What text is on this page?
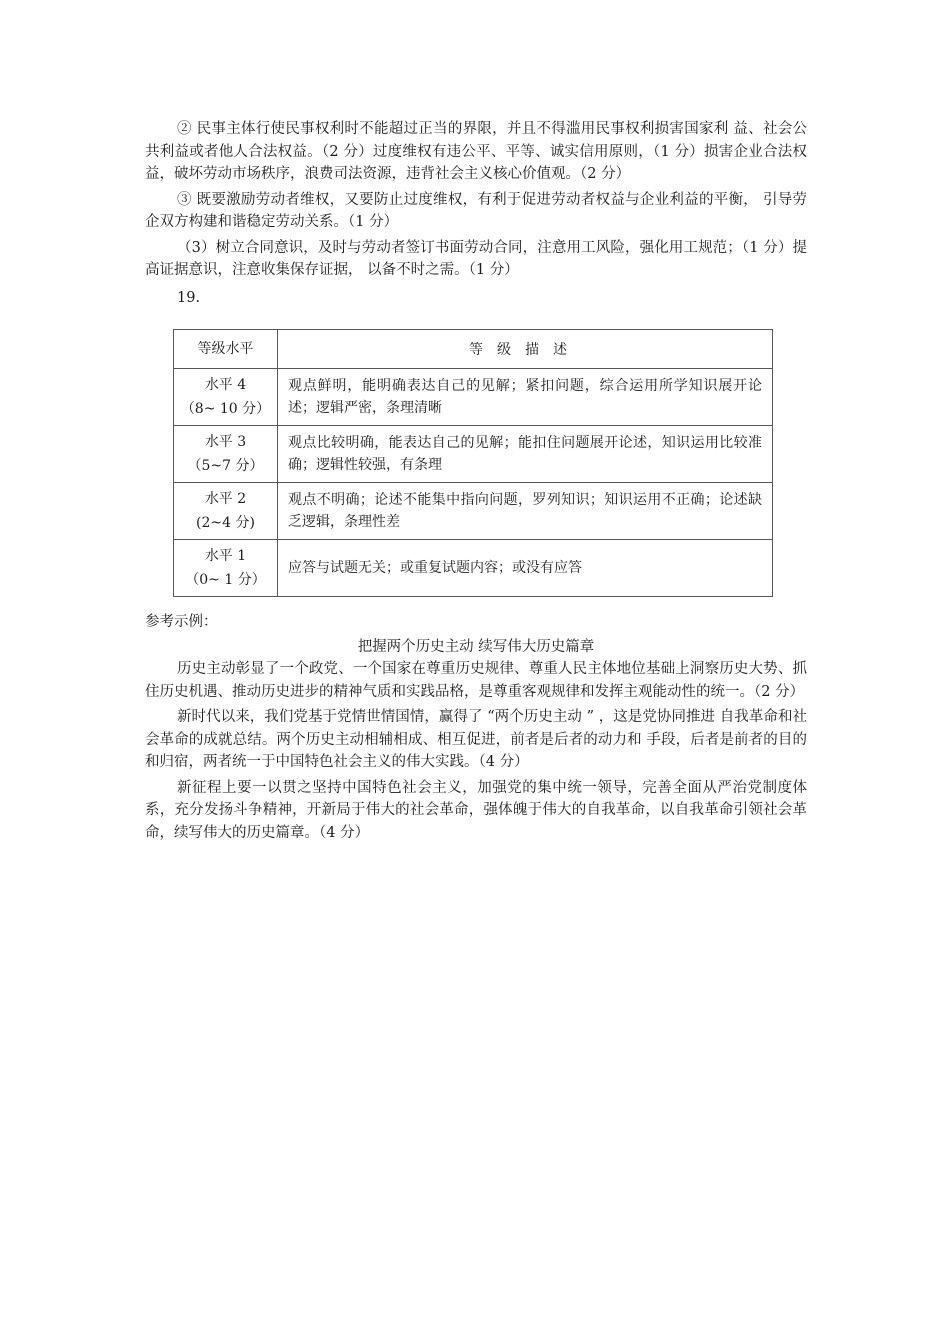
② 民事主体行使民事权利时不能超过正当的界限，并且不得滥用民事权利损害国家利 益、社会公共利益或者他人合法权益。（2 分）过度维权有违公平、平等、诚实信用原则，（1 分）损害企业合法权益，破坏劳动市场秩序，浪费司法资源，违背社会主义核心价值观。（2 分）

③ 既要激励劳动者维权，又要防止过度维权，有利于促进劳动者权益与企业利益的平衡， 引导劳企双方构建和谐稳定劳动关系。（1 分）

（3）树立合同意识，及时与劳动者签订书面劳动合同，注意用工风险，强化用工规范；（1 分）提高证据意识，注意收集保存证据， 以备不时之需。（1 分）

19.

等级水平	等级描述

水平 4
（8~ 10 分）	观点鲜明，能明确表达自己的见解；紧扣问题，综合运用所学知识展开论述；逻辑严密，条理清晰

水平 3
（5~7 分）	观点比较明确，能表达自己的见解；能扣住问题展开论述，知识运用比较准确；逻辑性较强，有条理

水平 2
(2~4 分)	观点不明确；论述不能集中指向问题，罗列知识；知识运用不正确；论述缺乏逻辑，条理性差

水平 1
（0~ 1 分）	应答与试题无关；或重复试题内容；或没有应答

参考示例：

把握两个历史主动 续写伟大历史篇章

历史主动彰显了一个政党、一个国家在尊重历史规律、尊重人民主体地位基础上洞察历史大势、抓住历史机遇、推动历史进步的精神气质和实践品格，是尊重客观规律和发挥主观能动性的统一。（2 分）

新时代以来，我们党基于党情世情国情，赢得了 “两个历史主动 ” ，这是党协同推进 自我革命和社会革命的成就总结。两个历史主动相辅相成、相互促进，前者是后者的动力和 手段，后者是前者的目的和归宿，两者统一于中国特色社会主义的伟大实践。（4 分）

新征程上要一以贯之坚持中国特色社会主义，加强党的集中统一领导，完善全面从严治党制度体系，充分发扬斗争精神，开新局于伟大的社会革命，强体魄于伟大的自我革命，以自我革命引领社会革命，续写伟大的历史篇章。（4 分）
